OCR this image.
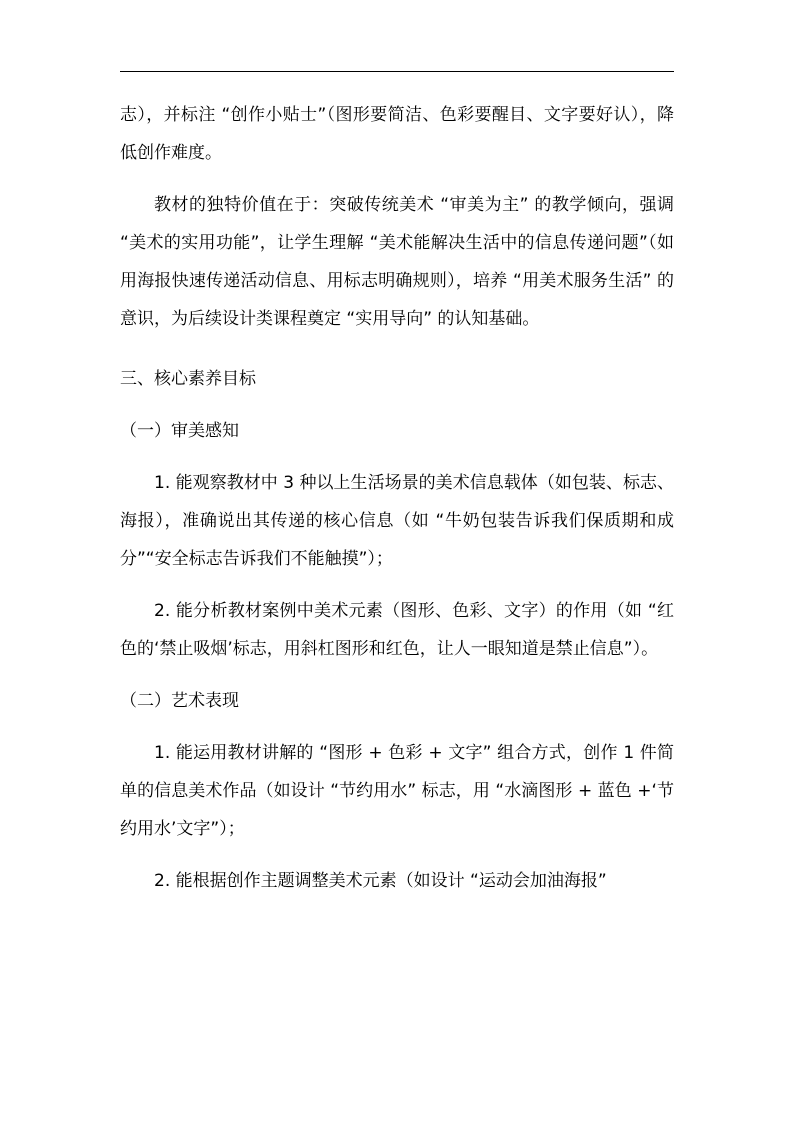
志），并标注 “创作小贴士”（图形要简洁、色彩要醒目、文字要好认），降低创作难度。

教材的独特价值在于：突破传统美术 “审美为主” 的教学倾向，强调 “美术的实用功能”，让学生理解 “美术能解决生活中的信息传递问题”（如用海报快速传递活动信息、用标志明确规则），培养 “用美术服务生活” 的意识，为后续设计类课程奠定 “实用导向” 的认知基础。

三、核心素养目标

（一）审美感知

1. 能观察教材中 3 种以上生活场景的美术信息载体（如包装、标志、海报），准确说出其传递的核心信息（如 “牛奶包装告诉我们保质期和成分”“安全标志告诉我们不能触摸”）；

2. 能分析教材案例中美术元素（图形、色彩、文字）的作用（如 “红色的‘禁止吸烟’标志，用斜杠图形和红色，让人一眼知道是禁止信息”）。

（二）艺术表现

1. 能运用教材讲解的 “图形 + 色彩 + 文字” 组合方式，创作 1 件简单的信息美术作品（如设计 “节约用水” 标志，用 “水滴图形 + 蓝色 +‘节约用水’文字”）；

2. 能根据创作主题调整美术元素（如设计 “运动会加油海报”
